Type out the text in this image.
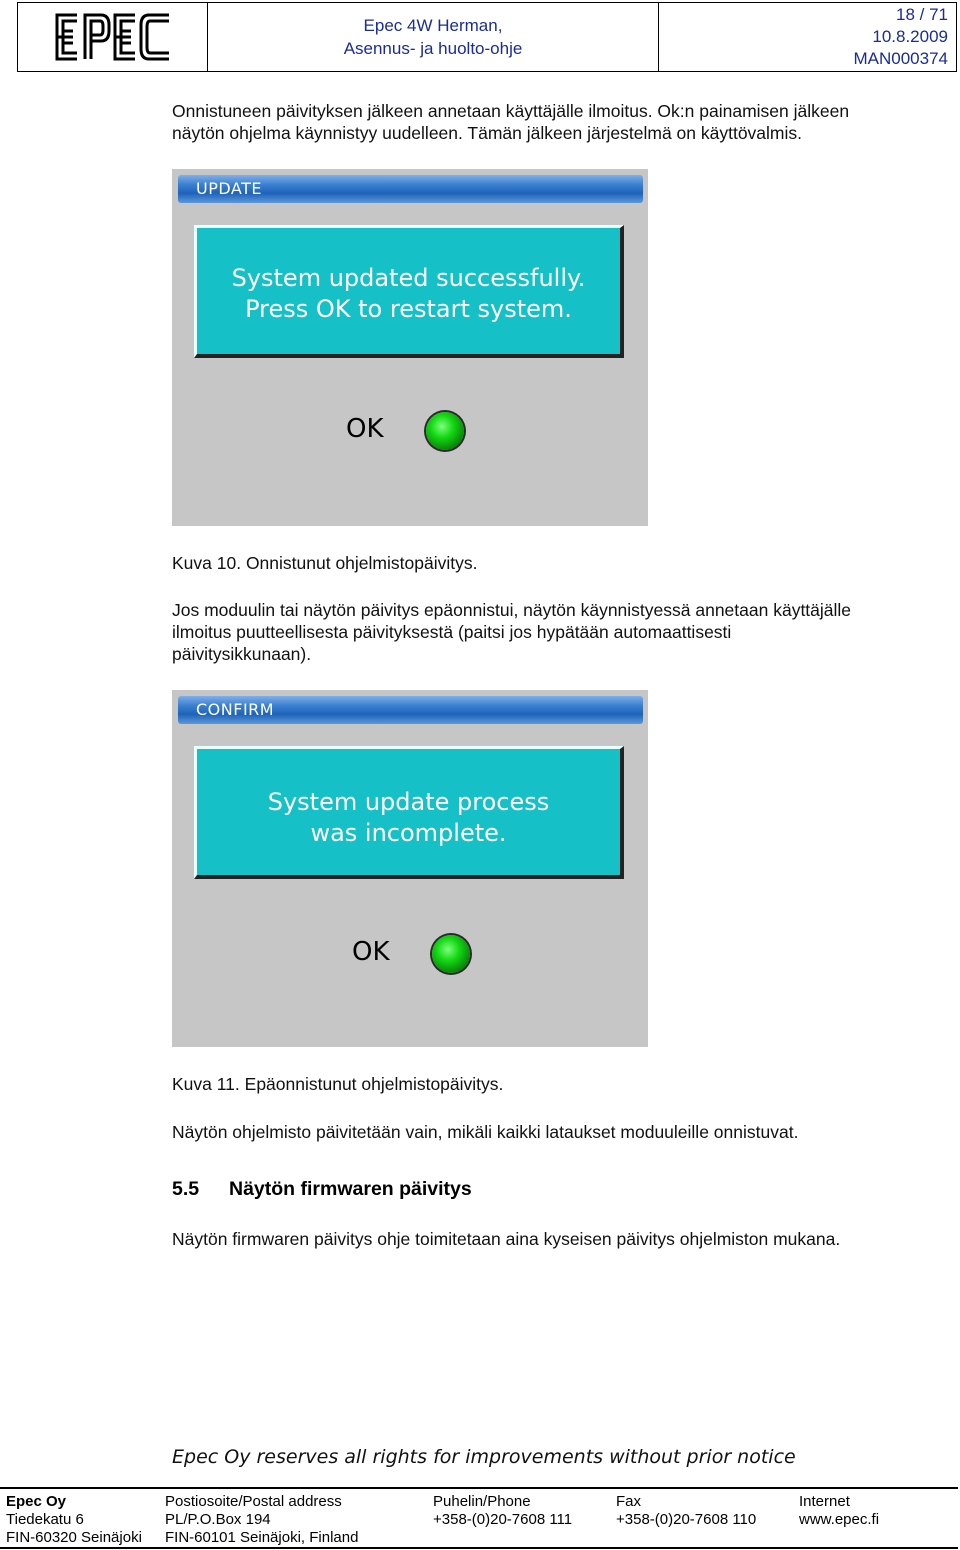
Epec 4W Herman,
Asennus- ja huolto-ohje
18 / 71
10.8.2009
MAN000374
Onnistuneen päivityksen jälkeen annetaan käyttäjälle ilmoitus. Ok:n painamisen jälkeen
näytön ohjelma käynnistyy uudelleen. Tämän jälkeen järjestelmä on käyttövalmis.
UPDATE
System updated successfully.
Press OK to restart system.
OK
Kuva 10. Onnistunut ohjelmistopäivitys.
Jos moduulin tai näytön päivitys epäonnistui, näytön käynnistyessä annetaan käyttäjälle
ilmoitus puutteellisesta päivityksestä (paitsi jos hypätään automaattisesti
päivitysikkunaan).
CONFIRM
System update process
was incomplete.
OK
Kuva 11. Epäonnistunut ohjelmistopäivitys.
Näytön ohjelmisto päivitetään vain, mikäli kaikki lataukset moduuleille onnistuvat.
5.5 Näytön firmwaren päivitys
Näytön firmwaren päivitys ohje toimitetaan aina kyseisen päivitys ohjelmiston mukana.
Epec Oy reserves all rights for improvements without prior notice
Epec Oy
Tiedekatu 6
FIN-60320 Seinäjoki
Postiosoite/Postal address
PL/P.O.Box 194
FIN-60101 Seinäjoki, Finland
Puhelin/Phone
+358-(0)20-7608 111
Fax
+358-(0)20-7608 110
Internet
www.epec.fi
